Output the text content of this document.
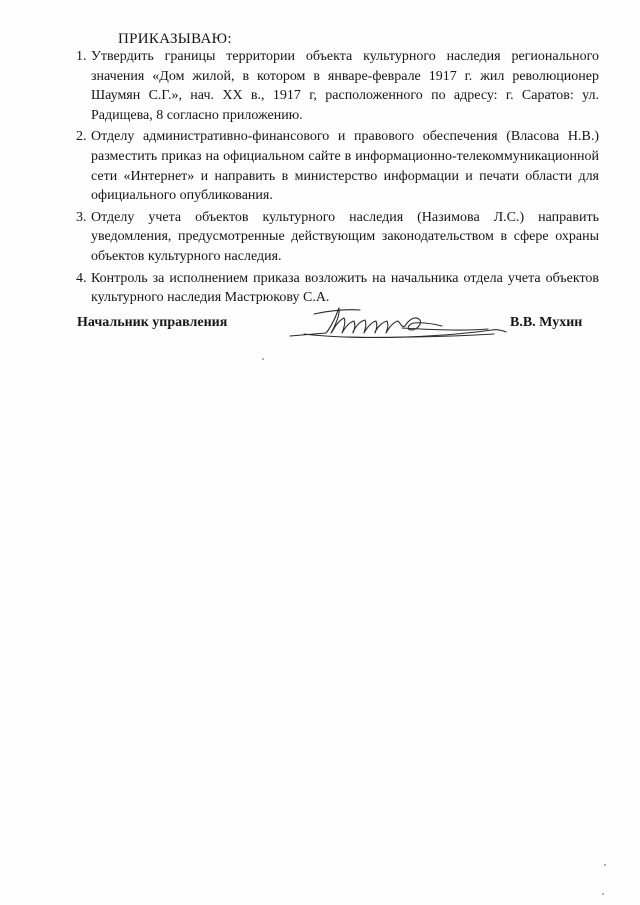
ПРИКАЗЫВАЮ:
1. Утвердить границы территории объекта культурного наследия регионального значения «Дом жилой, в котором в январе-феврале 1917 г. жил революционер Шаумян С.Г.», нач. XX в., 1917 г, расположенного по адресу: г. Саратов: ул. Радищева, 8 согласно приложению.
2. Отделу административно-финансового и правового обеспечения (Власова Н.В.) разместить приказ на официальном сайте в информационно-телекоммуникационной сети «Интернет» и направить в министерство информации и печати области для официального опубликования.
3. Отделу учета объектов культурного наследия (Назимова Л.С.) направить уведомления, предусмотренные действующим законодательством в сфере охраны объектов культурного наследия.
4. Контроль за исполнением приказа возложить на начальника отдела учета объектов культурного наследия Мастрюкову С.А.
Начальник управления	В.В. Мухин
